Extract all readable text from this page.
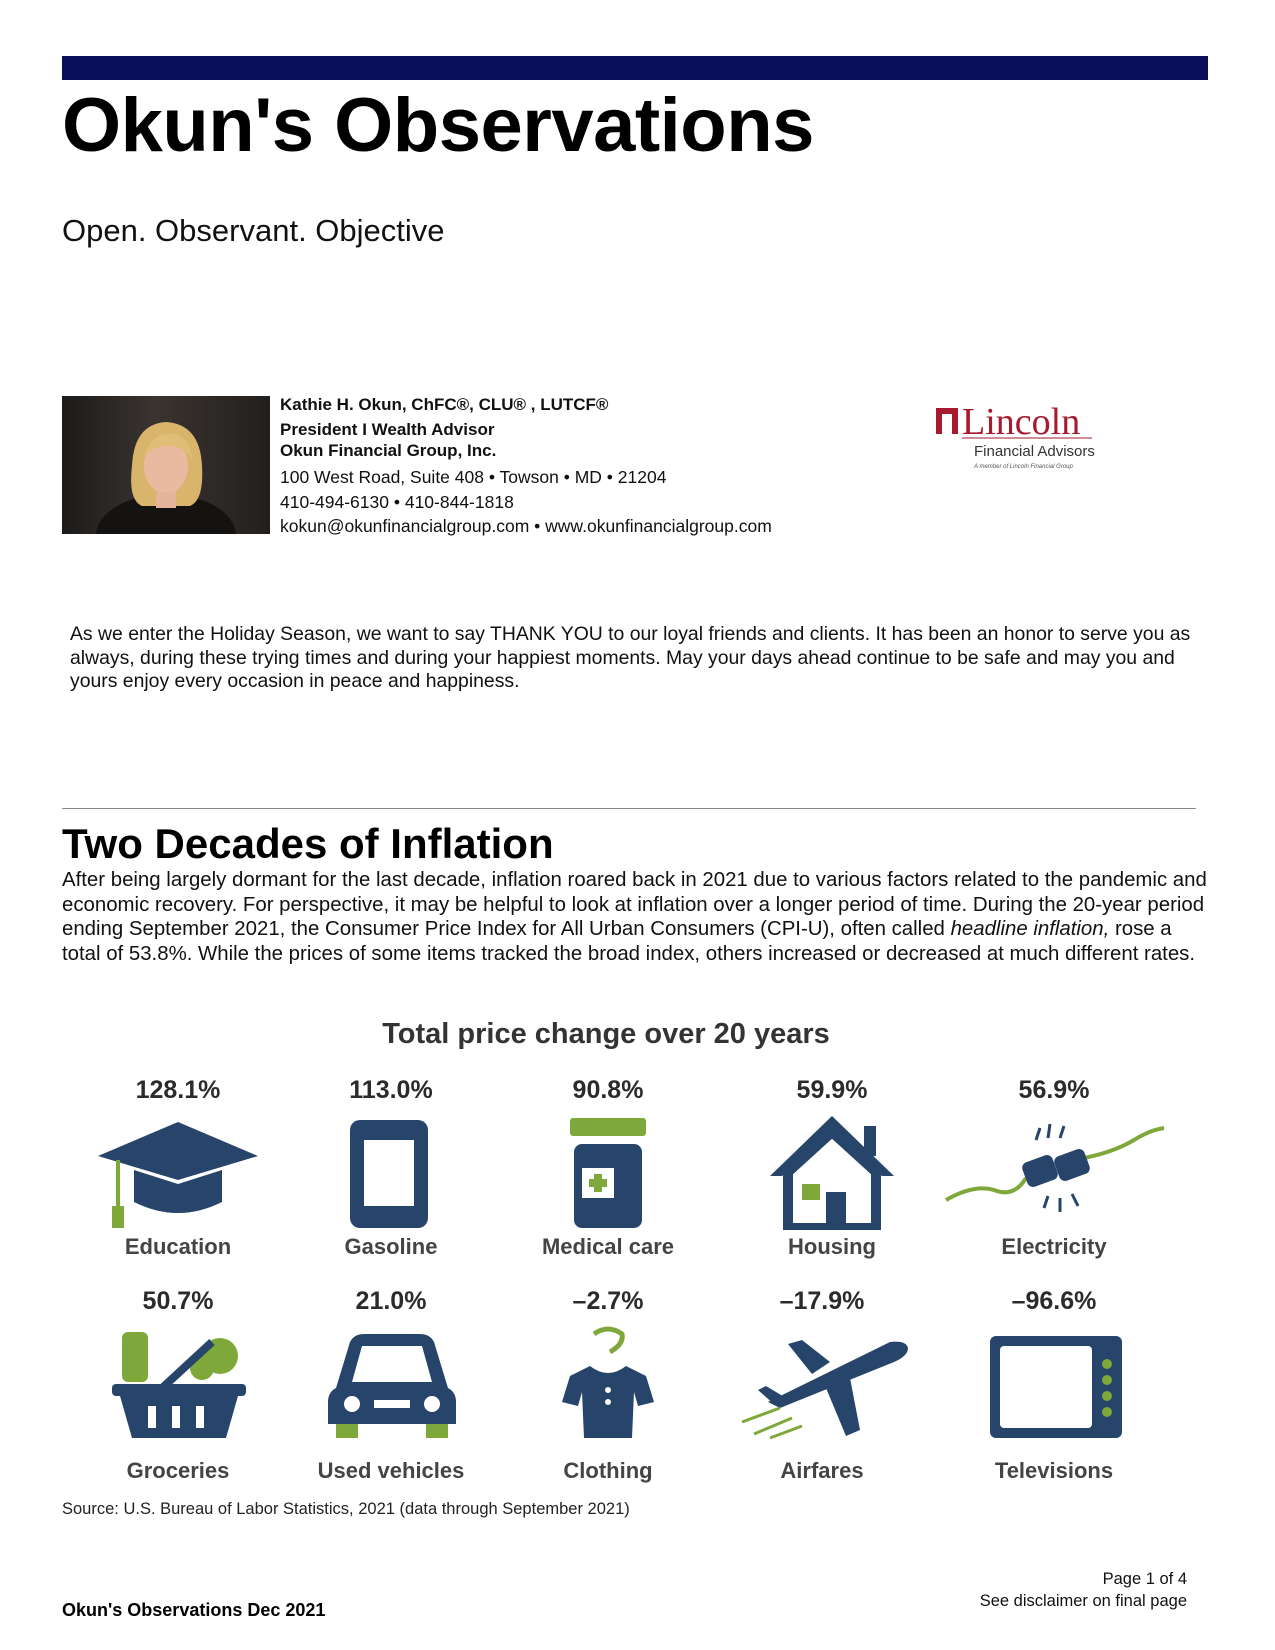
Okun's Observations
Open. Observant. Objective
Kathie H. Okun, ChFC®, CLU® , LUTCF®
President I Wealth Advisor
Okun Financial Group, Inc.
100 West Road, Suite 408 • Towson • MD • 21204
410-494-6130 • 410-844-1818
kokun@okunfinancialgroup.com • www.okunfinancialgroup.com
Lincoln
Financial Advisors
A member of Lincoln Financial Group
As we enter the Holiday Season, we want to say THANK YOU to our loyal friends and clients. It has been an honor to serve you as always, during these trying times and during your happiest moments. May your days ahead continue to be safe and may you and yours enjoy every occasion in peace and happiness.
Two Decades of Inflation
After being largely dormant for the last decade, inflation roared back in 2021 due to various factors related to the pandemic and economic recovery. For perspective, it may be helpful to look at inflation over a longer period of time. During the 20-year period ending September 2021, the Consumer Price Index for All Urban Consumers (CPI-U), often called headline inflation, rose a total of 53.8%. While the prices of some items tracked the broad index, others increased or decreased at much different rates.
Total price change over 20 years
128.1%
Education
113.0%
Gasoline
90.8%
Medical care
59.9%
Housing
56.9%
Electricity
50.7%
Groceries
21.0%
Used vehicles
–2.7%
Clothing
–17.9%
Airfares
–96.6%
Televisions
Source: U.S. Bureau of Labor Statistics, 2021 (data through September 2021)
Page 1 of 4
See disclaimer on final page
Okun's Observations Dec 2021
